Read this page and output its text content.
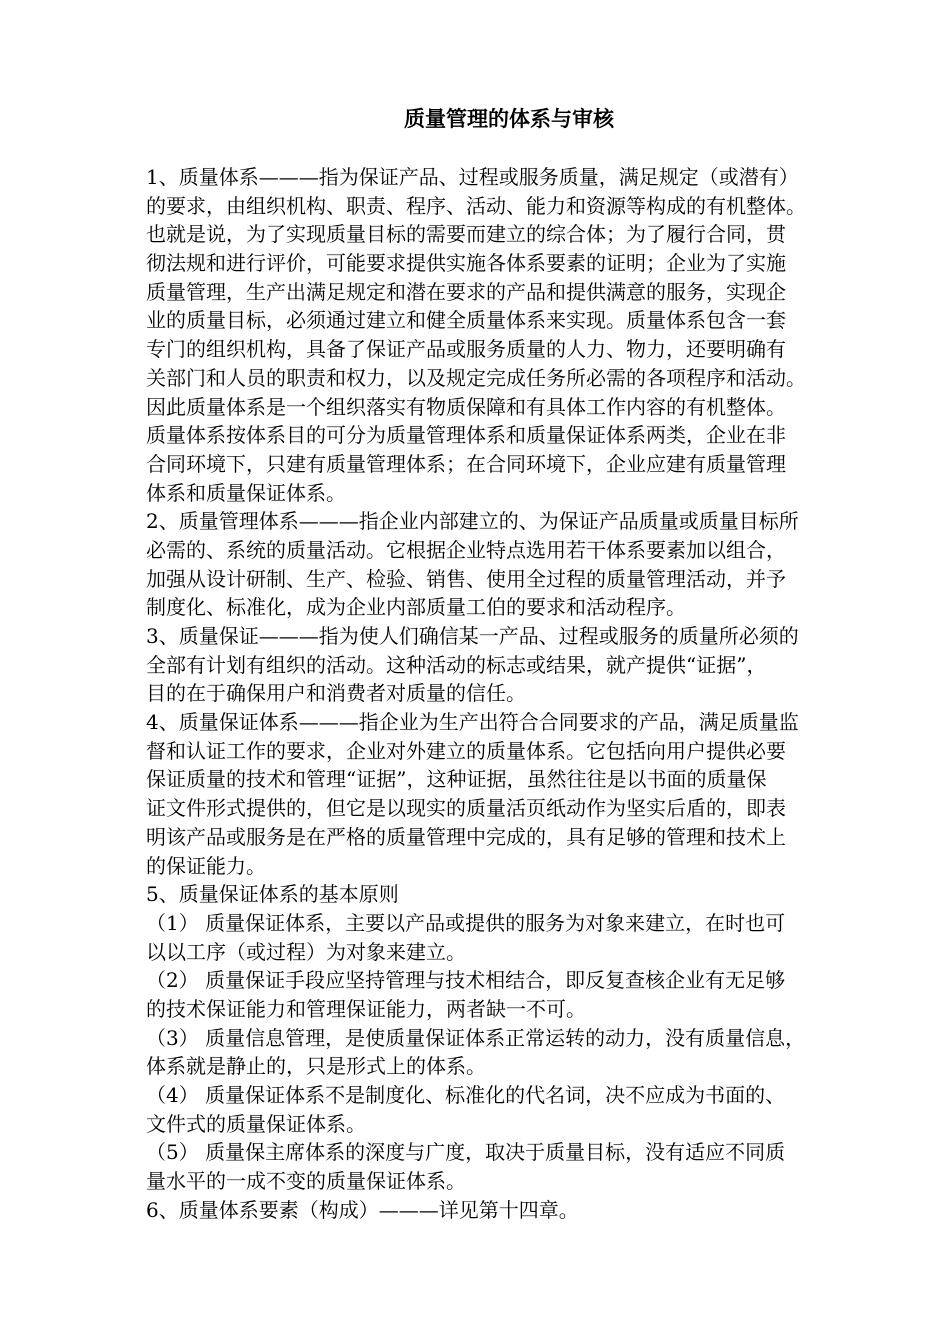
质量管理的体系与审核
1、质量体系———指为保证产品、过程或服务质量，满足规定（或潜有）
的要求，由组织机构、职责、程序、活动、能力和资源等构成的有机整体。
也就是说，为了实现质量目标的需要而建立的综合体；为了履行合同，贯
彻法规和进行评价，可能要求提供实施各体系要素的证明；企业为了实施
质量管理，生产出满足规定和潜在要求的产品和提供满意的服务，实现企
业的质量目标，必须通过建立和健全质量体系来实现。质量体系包含一套
专门的组织机构，具备了保证产品或服务质量的人力、物力，还要明确有
关部门和人员的职责和权力，以及规定完成任务所必需的各项程序和活动。
因此质量体系是一个组织落实有物质保障和有具体工作内容的有机整体。
质量体系按体系目的可分为质量管理体系和质量保证体系两类，企业在非
合同环境下，只建有质量管理体系；在合同环境下，企业应建有质量管理
体系和质量保证体系。
2、质量管理体系———指企业内部建立的、为保证产品质量或质量目标所
必需的、系统的质量活动。它根据企业特点选用若干体系要素加以组合，
加强从设计研制、生产、检验、销售、使用全过程的质量管理活动，并予
制度化、标准化，成为企业内部质量工伯的要求和活动程序。
3、质量保证———指为使人们确信某一产品、过程或服务的质量所必须的
全部有计划有组织的活动。这种活动的标志或结果，就产提供“证据”，
目的在于确保用户和消费者对质量的信任。
4、质量保证体系———指企业为生产出符合合同要求的产品，满足质量监
督和认证工作的要求，企业对外建立的质量体系。它包括向用户提供必要
保证质量的技术和管理“证据”，这种证据，虽然往往是以书面的质量保
证文件形式提供的，但它是以现实的质量活页纸动作为坚实后盾的，即表
明该产品或服务是在严格的质量管理中完成的，具有足够的管理和技术上
的保证能力。
5、质量保证体系的基本原则
（1） 质量保证体系，主要以产品或提供的服务为对象来建立，在时也可
以以工序（或过程）为对象来建立。
（2） 质量保证手段应坚持管理与技术相结合，即反复查核企业有无足够
的技术保证能力和管理保证能力，两者缺一不可。
（3） 质量信息管理，是使质量保证体系正常运转的动力，没有质量信息，
体系就是静止的，只是形式上的体系。
（4） 质量保证体系不是制度化、标准化的代名词，决不应成为书面的、
文件式的质量保证体系。
（5） 质量保主席体系的深度与广度，取决于质量目标，没有适应不同质
量水平的一成不变的质量保证体系。
6、质量体系要素（构成）———详见第十四章。
